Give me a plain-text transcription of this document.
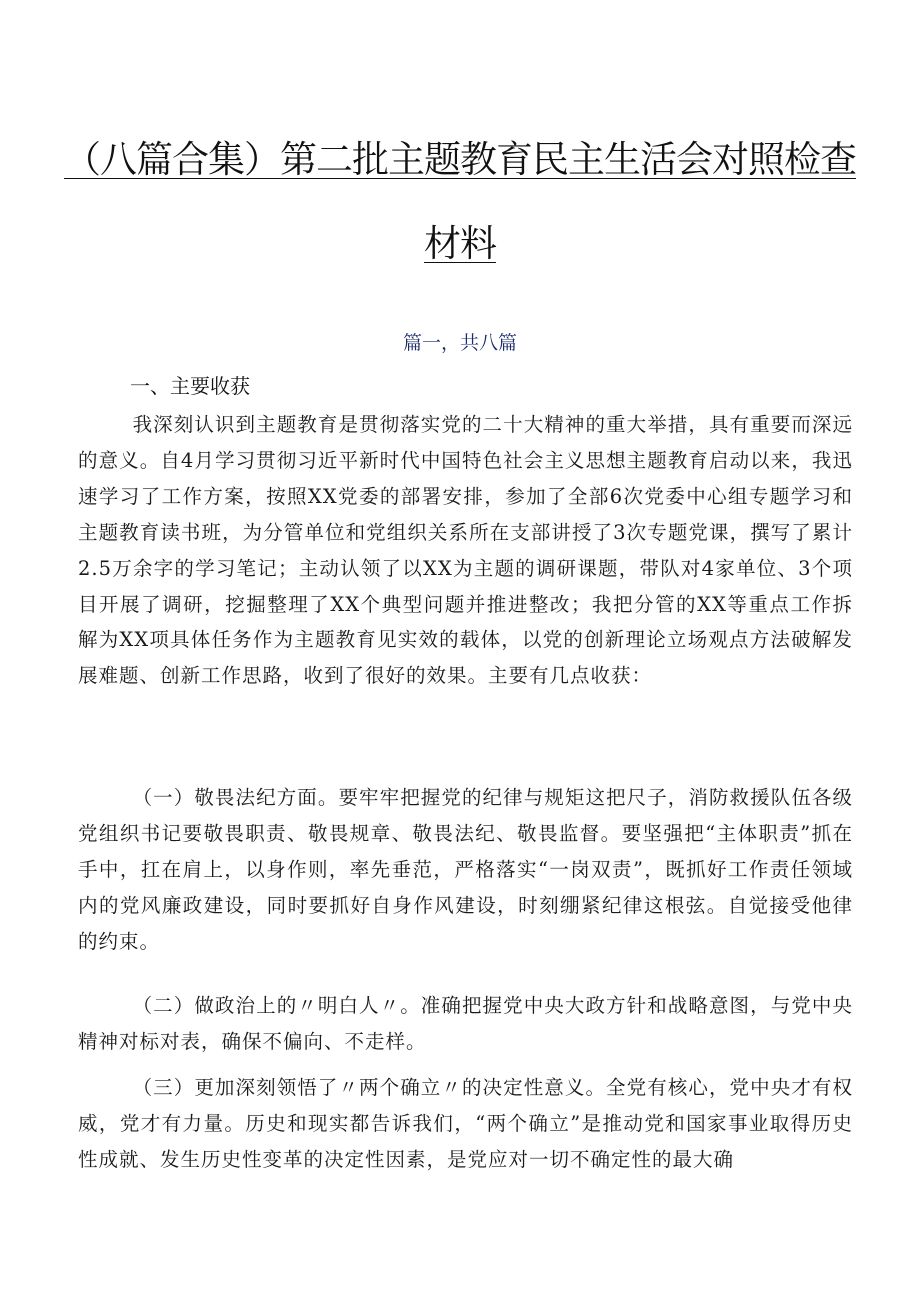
（八篇合集）第二批主题教育民主生活会对照检查
材料
篇一，共八篇
一、主要收获

我深刻认识到主题教育是贯彻落实党的二十大精神的重大举措，具有重要而深远的意义。自4月学习贯彻习近平新时代中国特色社会主义思想主题教育启动以来，我迅速学习了工作方案，按照XX党委的部署安排，参加了全部6次党委中心组专题学习和主题教育读书班，为分管单位和党组织关系所在支部讲授了3次专题党课，撰写了累计2.5万余字的学习笔记；主动认领了以XX为主题的调研课题，带队对4家单位、3个项目开展了调研，挖掘整理了XX个典型问题并推进整改；我把分管的XX等重点工作拆解为XX项具体任务作为主题教育见实效的载体，以党的创新理论立场观点方法破解发展难题、创新工作思路，收到了很好的效果。主要有几点收获：

（一）敬畏法纪方面。要牢牢把握党的纪律与规矩这把尺子，消防救援队伍各级党组织书记要敬畏职责、敬畏规章、敬畏法纪、敬畏监督。要坚强把“主体职责”抓在手中，扛在肩上，以身作则，率先垂范，严格落实“一岗双责”，既抓好工作责任领域内的党风廉政建设，同时要抓好自身作风建设，时刻绷紧纪律这根弦。自觉接受他律的约束。

（二）做政治上的〃明白人〃。准确把握党中央大政方针和战略意图，与党中央精神对标对表，确保不偏向、不走样。

（三）更加深刻领悟了〃两个确立〃的决定性意义。全党有核心，党中央才有权威，党才有力量。历史和现实都告诉我们，“两个确立”是推动党和国家事业取得历史性成就、发生历史性变革的决定性因素，是党应对一切不确定性的最大确
